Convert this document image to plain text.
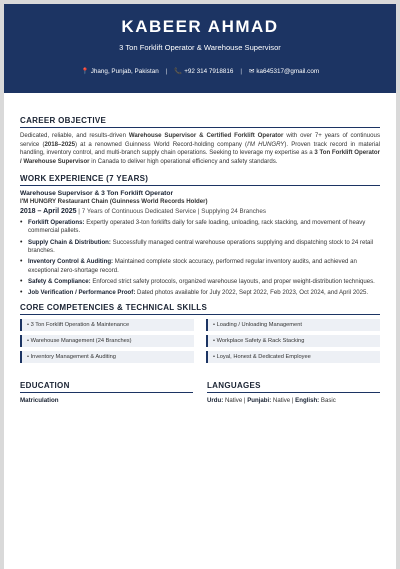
KABEER AHMAD
3 Ton Forklift Operator & Warehouse Supervisor
📍 Jhang, Punjab, Pakistan | 📞 +92 314 7918816 | ✉ ka645317@gmail.com
CAREER OBJECTIVE
Dedicated, reliable, and results-driven Warehouse Supervisor & Certified Forklift Operator with over 7+ years of continuous service (2018–2025) at a renowned Guinness World Record-holding company (I'M HUNGRY). Proven track record in material handling, inventory control, and multi-branch supply chain operations. Seeking to leverage my expertise as a 3 Ton Forklift Operator / Warehouse Supervisor in Canada to deliver high operational efficiency and safety standards.
WORK EXPERIENCE (7 YEARS)
Warehouse Supervisor & 3 Ton Forklift Operator
I'M HUNGRY Restaurant Chain (Guinness World Records Holder)
2018 – April 2025 | 7 Years of Continuous Dedicated Service | Supplying 24 Branches
• Forklift Operations: Expertly operated 3-ton forklifts daily for safe loading, unloading, rack stacking, and movement of heavy commercial pallets.
• Supply Chain & Distribution: Successfully managed central warehouse operations supplying and dispatching stock to 24 retail branches.
• Inventory Control & Auditing: Maintained complete stock accuracy, performed regular inventory audits, and achieved an exceptional zero-shortage record.
• Safety & Compliance: Enforced strict safety protocols, organized warehouse layouts, and proper weight-distribution techniques.
• Job Verification / Performance Proof: Dated photos available for July 2022, Sept 2022, Feb 2023, Oct 2024, and April 2025.
CORE COMPETENCIES & TECHNICAL SKILLS
• 3 Ton Forklift Operation & Maintenance	• Loading / Unloading Management
• Warehouse Management (24 Branches)	• Workplace Safety & Rack Stacking
• Inventory Management & Auditing	• Loyal, Honest & Dedicated Employee
EDUCATION
Matriculation
LANGUAGES
Urdu: Native | Punjabi: Native | English: Basic
